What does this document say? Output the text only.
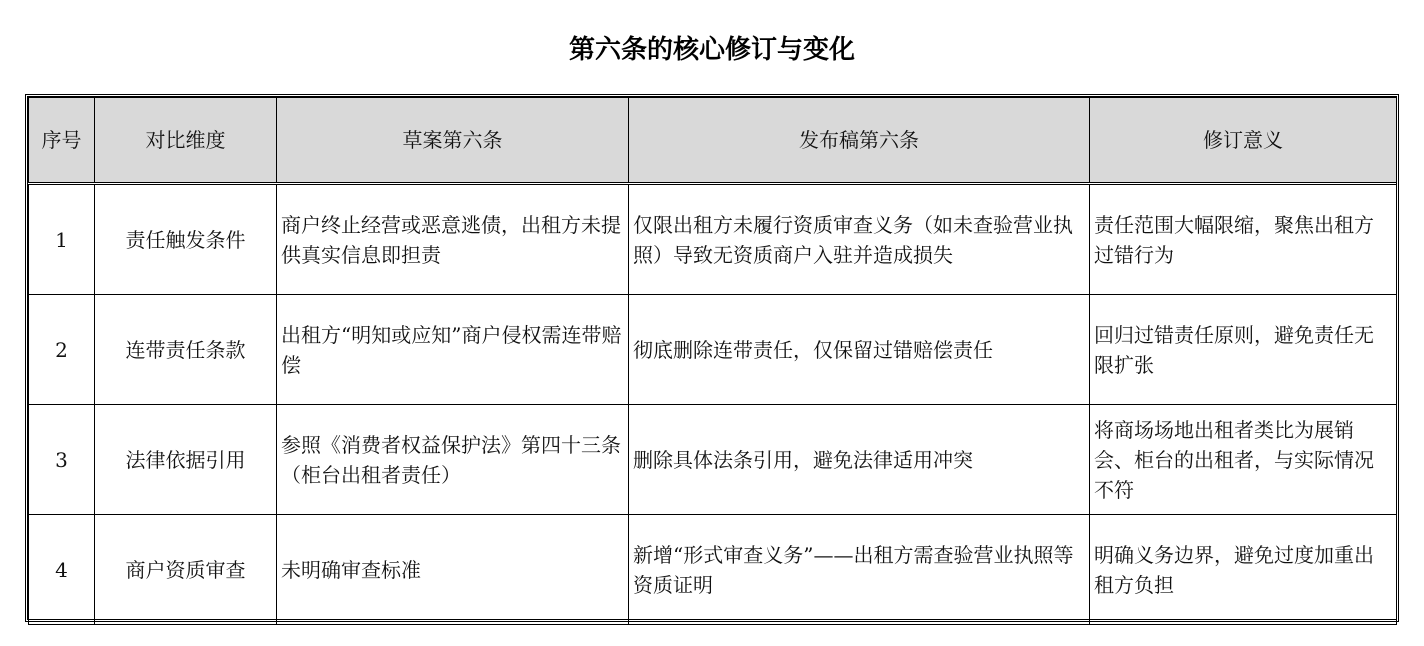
第六条的核心修订与变化
序号	对比维度	草案第六条	发布稿第六条	修订意义
1	责任触发条件	商户终止经营或恶意逃债，出租方未提供真实信息即担责	仅限出租方未履行资质审查义务（如未查验营业执照）导致无资质商户入驻并造成损失	责任范围大幅限缩，聚焦出租方过错行为
2	连带责任条款	出租方“明知或应知”商户侵权需连带赔偿	彻底删除连带责任，仅保留过错赔偿责任	回归过错责任原则，避免责任无限扩张
3	法律依据引用	参照《消费者权益保护法》第四十三条（柜台出租者责任）	删除具体法条引用，避免法律适用冲突	将商场场地出租者类比为展销会、柜台的出租者，与实际情况不符
4	商户资质审查	未明确审查标准	新增“形式审查义务”——出租方需查验营业执照等资质证明	明确义务边界，避免过度加重出租方负担
